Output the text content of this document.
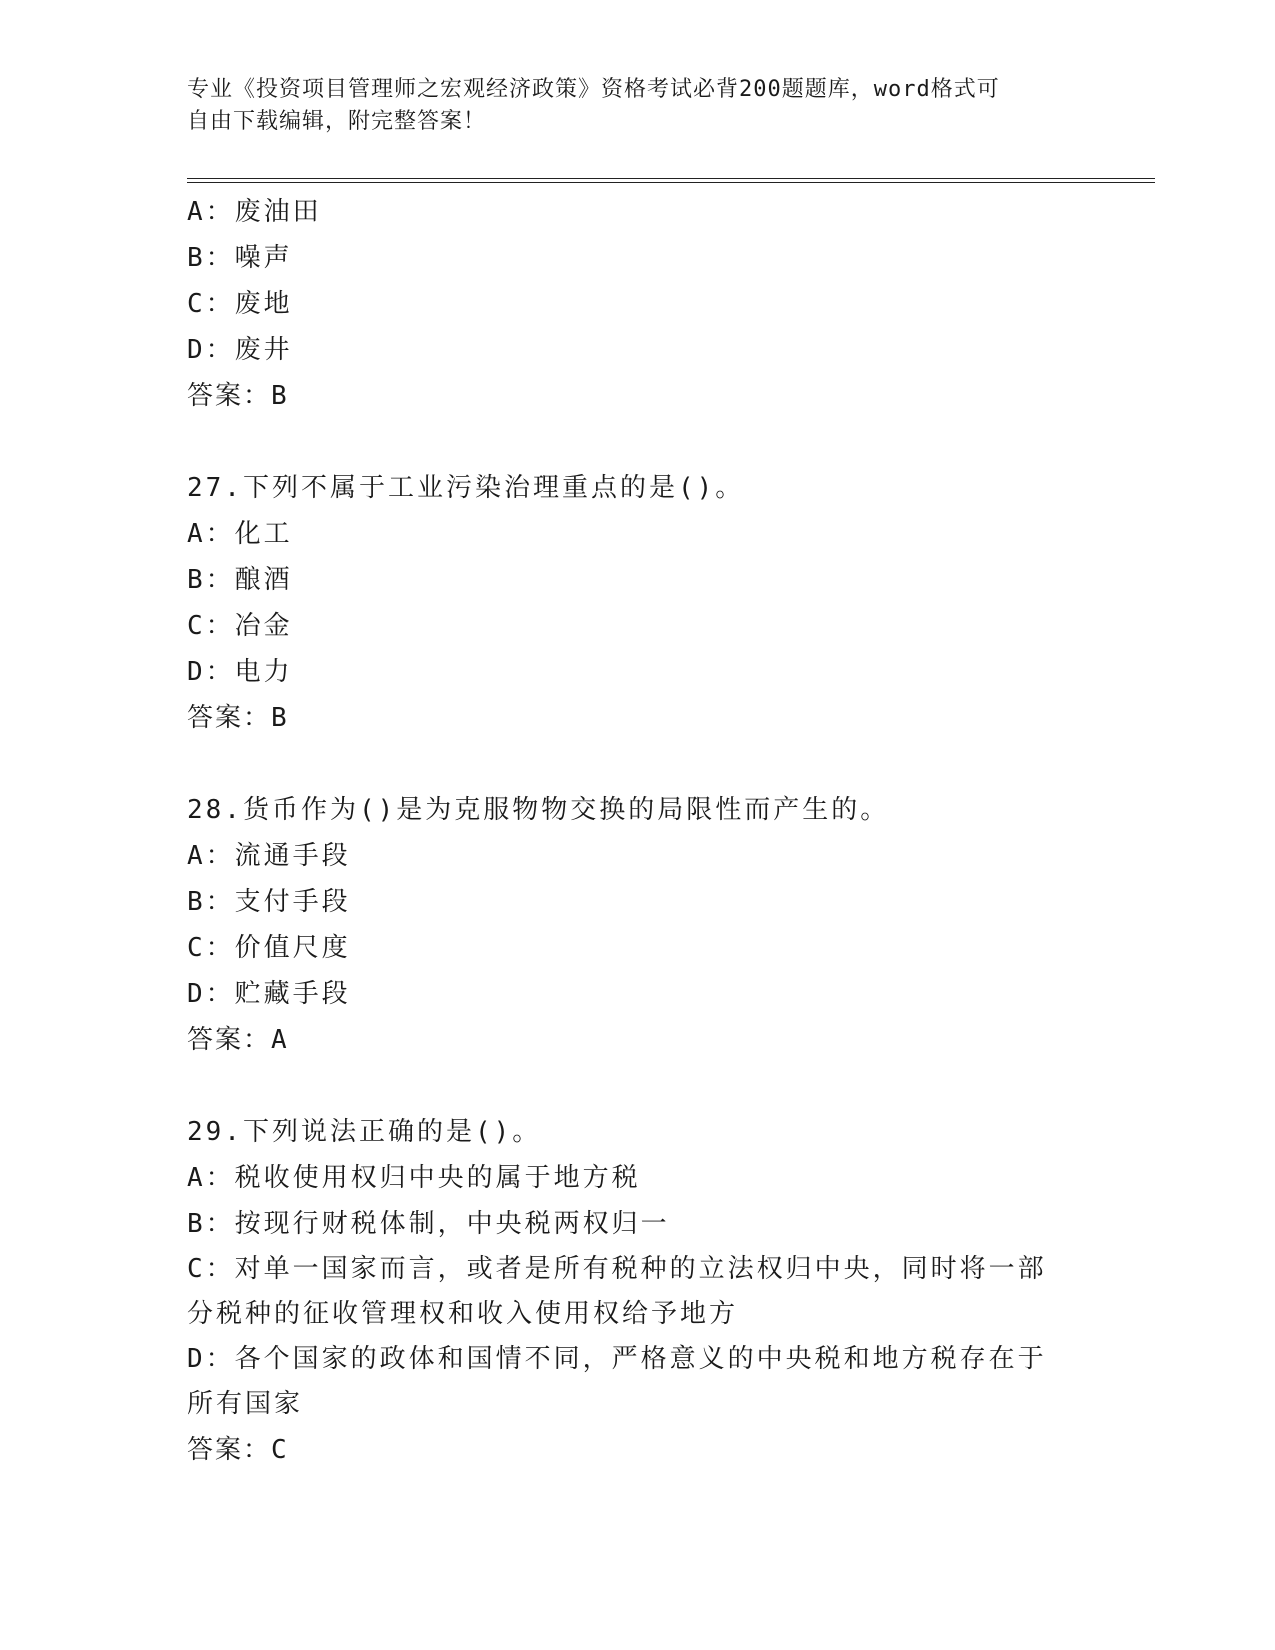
专业《投资项目管理师之宏观经济政策》资格考试必背200题题库，word格式可
自由下载编辑，附完整答案！
A：废油田
B：噪声
C：废地
D：废井
答案：B
27.下列不属于工业污染治理重点的是()。
A：化工
B：酿酒
C：冶金
D：电力
答案：B
28.货币作为()是为克服物物交换的局限性而产生的。
A：流通手段
B：支付手段
C：价值尺度
D：贮藏手段
答案：A
29.下列说法正确的是()。
A：税收使用权归中央的属于地方税
B：按现行财税体制，中央税两权归一
C：对单一国家而言，或者是所有税种的立法权归中央，同时将一部分税种的征收管理权和收入使用权给予地方
D：各个国家的政体和国情不同，严格意义的中央税和地方税存在于所有国家
答案：C
